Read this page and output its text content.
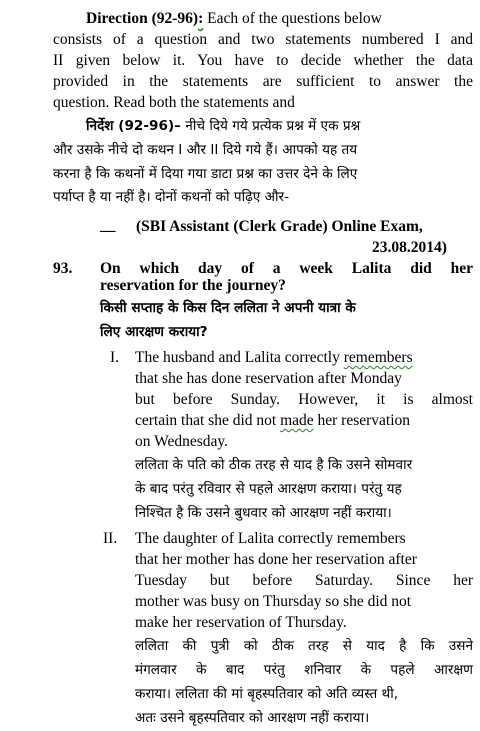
Direction (92-96): Each of the questions below
consists of a question and two statements numbered I and
II given below it. You have to decide whether the data
provided in the statements are sufficient to answer the
question. Read both the statements and
निर्देश (92-96)– नीचे दिये गये प्रत्येक प्रश्न में एक प्रश्न
और उसके नीचे दो कथन I और II दिये गये हैं। आपको यह तय
करना है कि कथनों में दिया गया डाटा प्रश्न का उत्तर देने के लिए
पर्याप्त है या नहीं है। दोनों कथनों को पढ़िए और-
__ (SBI Assistant (Clerk Grade) Online Exam,
23.08.2014)
93. On which day of a week Lalita did her
reservation for the journey?
किसी सप्ताह के किस दिन ललिता ने अपनी यात्रा के
लिए आरक्षण कराया?
I. The husband and Lalita correctly remembers
that she has done reservation after Monday
but before Sunday. However, it is almost
certain that she did not made her reservation
on Wednesday.
ललिता के पति को ठीक तरह से याद है कि उसने सोमवार
के बाद परंतु रविवार से पहले आरक्षण कराया। परंतु यह
निश्चित है कि उसने बुधवार को आरक्षण नहीं कराया।
II. The daughter of Lalita correctly remembers
that her mother has done her reservation after
Tuesday but before Saturday. Since her
mother was busy on Thursday so she did not
make her reservation of Thursday.
ललिता की पुत्री को ठीक तरह से याद है कि उसने
मंगलवार के बाद परंतु शनिवार के पहले आरक्षण
कराया। ललिता की मां बृहस्पतिवार को अति व्यस्त थी,
अतः उसने बृहस्पतिवार को आरक्षण नहीं कराया।
